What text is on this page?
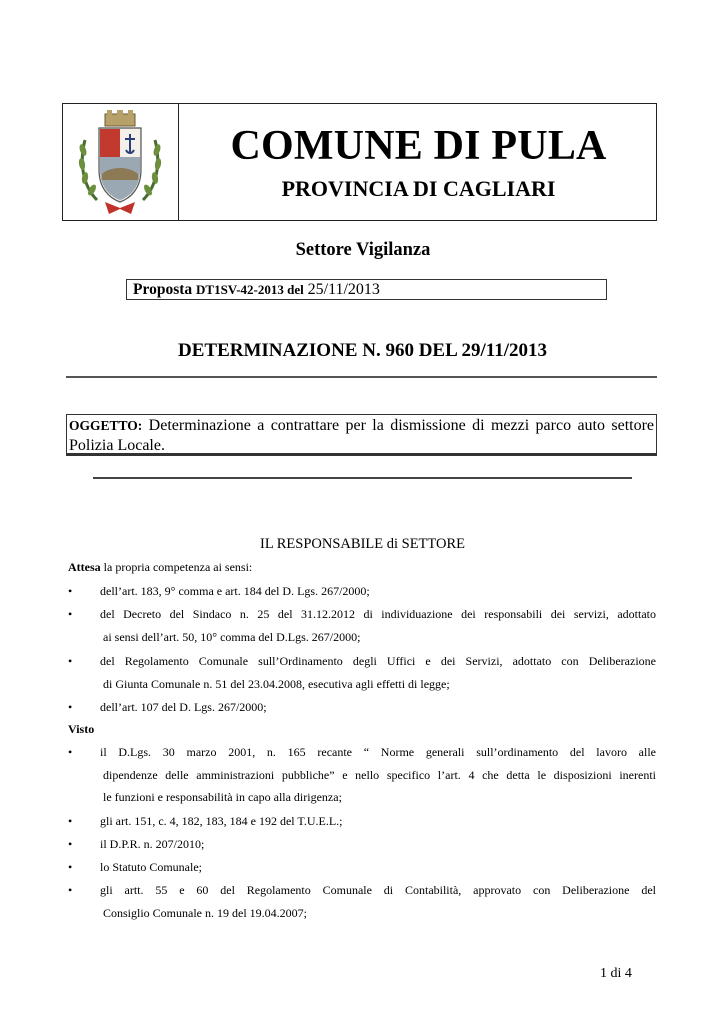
COMUNE DI PULA
PROVINCIA DI CAGLIARI
Settore Vigilanza
Proposta DT1SV-42-2013 del 25/11/2013
DETERMINAZIONE N. 960 DEL 29/11/2013
OGGETTO: Determinazione a contrattare per la dismissione di mezzi parco auto settore Polizia Locale.
IL RESPONSABILE di SETTORE
Attesa la propria competenza ai sensi:
Visto
•	dell’art. 183, 9° comma e art. 184 del D. Lgs. 267/2000;
•	del Decreto del Sindaco n. 25 del 31.12.2012 di individuazione dei responsabili dei servizi, adottato
ai sensi dell’art. 50, 10° comma del D.Lgs. 267/2000;
•	del Regolamento Comunale sull’Ordinamento degli Uffici e dei Servizi, adottato con Deliberazione
di Giunta Comunale n. 51 del 23.04.2008, esecutiva agli effetti di legge;
•	dell’art. 107 del D. Lgs. 267/2000;
•	il D.Lgs. 30 marzo 2001, n. 165 recante “ Norme generali sull’ordinamento del lavoro alle
dipendenze delle amministrazioni pubbliche” e nello specifico l’art. 4 che detta le disposizioni inerenti
le funzioni e responsabilità in capo alla dirigenza;
•	gli art. 151, c. 4, 182, 183, 184 e 192 del T.U.E.L.;
•	il D.P.R. n. 207/2010;
•	lo Statuto Comunale;
•	gli artt. 55 e 60 del Regolamento Comunale di Contabilità, approvato con Deliberazione del
Consiglio Comunale n. 19 del 19.04.2007;
1 di 4
